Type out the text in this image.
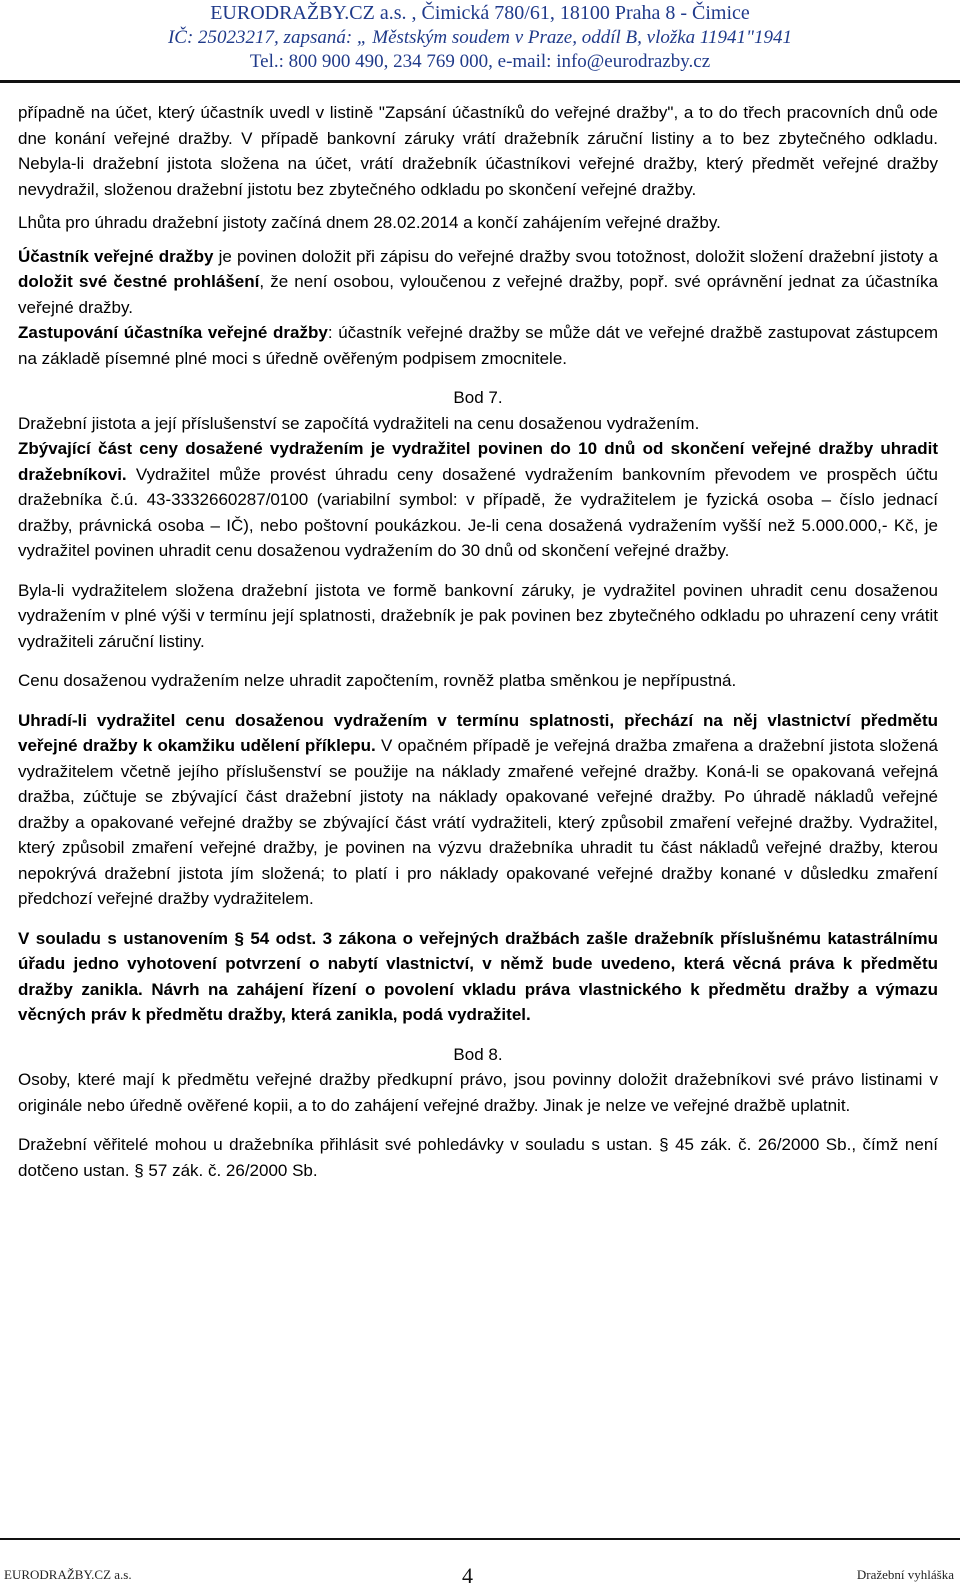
EURODRAŽBY.CZ a.s. , Čimická 780/61, 18100 Praha 8 - Čimice
IČ: 25023217, zapsaná: „ Městským soudem v Praze, oddíl B, vložka 11941"1941
Tel.: 800 900 490, 234 769 000, e-mail: info@eurodrazby.cz

případně na účet, který účastník uvedl v listině "Zapsání účastníků do veřejné dražby", a to do třech pracovních dnů ode dne konání veřejné dražby. V případě bankovní záruky vrátí dražebník záruční listiny a to bez zbytečného odkladu. Nebyla-li dražební jistota složena na účet, vrátí dražebník účastníkovi veřejné dražby, který předmět veřejné dražby nevydražil, složenou dražební jistotu bez zbytečného odkladu po skončení veřejné dražby.

Lhůta pro úhradu dražební jistoty začíná dnem 28.02.2014 a končí zahájením veřejné dražby.

Účastník veřejné dražby je povinen doložit při zápisu do veřejné dražby svou totožnost, doložit složení dražební jistoty a doložit své čestné prohlášení, že není osobou, vyloučenou z veřejné dražby, popř. své oprávnění jednat za účastníka veřejné dražby.

Zastupování účastníka veřejné dražby: účastník veřejné dražby se může dát ve veřejné dražbě zastupovat zástupcem na základě písemné plné moci s úředně ověřeným podpisem zmocnitele.

Bod 7.

Dražební jistota a její příslušenství se započítá vydražiteli na cenu dosaženou vydražením.

Zbývající část ceny dosažené vydražením je vydražitel povinen do 10 dnů od skončení veřejné dražby uhradit dražebníkovi. Vydražitel může provést úhradu ceny dosažené vydražením bankovním převodem ve prospěch účtu dražebníka č.ú. 43-3332660287/0100 (variabilní symbol: v případě, že vydražitelem je fyzická osoba – číslo jednací dražby, právnická osoba – IČ), nebo poštovní poukázkou. Je-li cena dosažená vydražením vyšší než 5.000.000,- Kč, je vydražitel povinen uhradit cenu dosaženou vydražením do 30 dnů od skončení veřejné dražby.

Byla-li vydražitelem složena dražební jistota ve formě bankovní záruky, je vydražitel povinen uhradit cenu dosaženou vydražením v plné výši v termínu její splatnosti, dražebník je pak povinen bez zbytečného odkladu po uhrazení ceny vrátit vydražiteli záruční listiny.

Cenu dosaženou vydražením nelze uhradit započtením, rovněž platba směnkou je nepřípustná.

Uhradí-li vydražitel cenu dosaženou vydražením v termínu splatnosti, přechází na něj vlastnictví předmětu veřejné dražby k okamžiku udělení příklepu. V opačném případě je veřejná dražba zmařena a dražební jistota složená vydražitelem včetně jejího příslušenství se použije na náklady zmařené veřejné dražby. Koná-li se opakovaná veřejná dražba, zúčtuje se zbývající část dražební jistoty na náklady opakované veřejné dražby. Po úhradě nákladů veřejné dražby a opakované veřejné dražby se zbývající část vrátí vydražiteli, který způsobil zmaření veřejné dražby. Vydražitel, který způsobil zmaření veřejné dražby, je povinen na výzvu dražebníka uhradit tu část nákladů veřejné dražby, kterou nepokrývá dražební jistota jím složená; to platí i pro náklady opakované veřejné dražby konané v důsledku zmaření předchozí veřejné dražby vydražitelem.

V souladu s ustanovením § 54 odst. 3 zákona o veřejných dražbách zašle dražebník příslušnému katastrálnímu úřadu jedno vyhotovení potvrzení o nabytí vlastnictví, v němž bude uvedeno, která věcná práva k předmětu dražby zanikla. Návrh na zahájení řízení o povolení vkladu práva vlastnického k předmětu dražby a výmazu věcných práv k předmětu dražby, která zanikla, podá vydražitel.

Bod 8.

Osoby, které mají k předmětu veřejné dražby předkupní právo, jsou povinny doložit dražebníkovi své právo listinami v originále nebo úředně ověřené kopii, a to do zahájení veřejné dražby. Jinak je nelze ve veřejné dražbě uplatnit.

Dražební věřitelé mohou u dražebníka přihlásit své pohledávky v souladu s ustan. § 45 zák. č. 26/2000 Sb., čímž není dotčeno ustan. § 57 zák. č. 26/2000 Sb.

EURODRAŽBY.CZ a.s.	4	Dražební vyhláška
